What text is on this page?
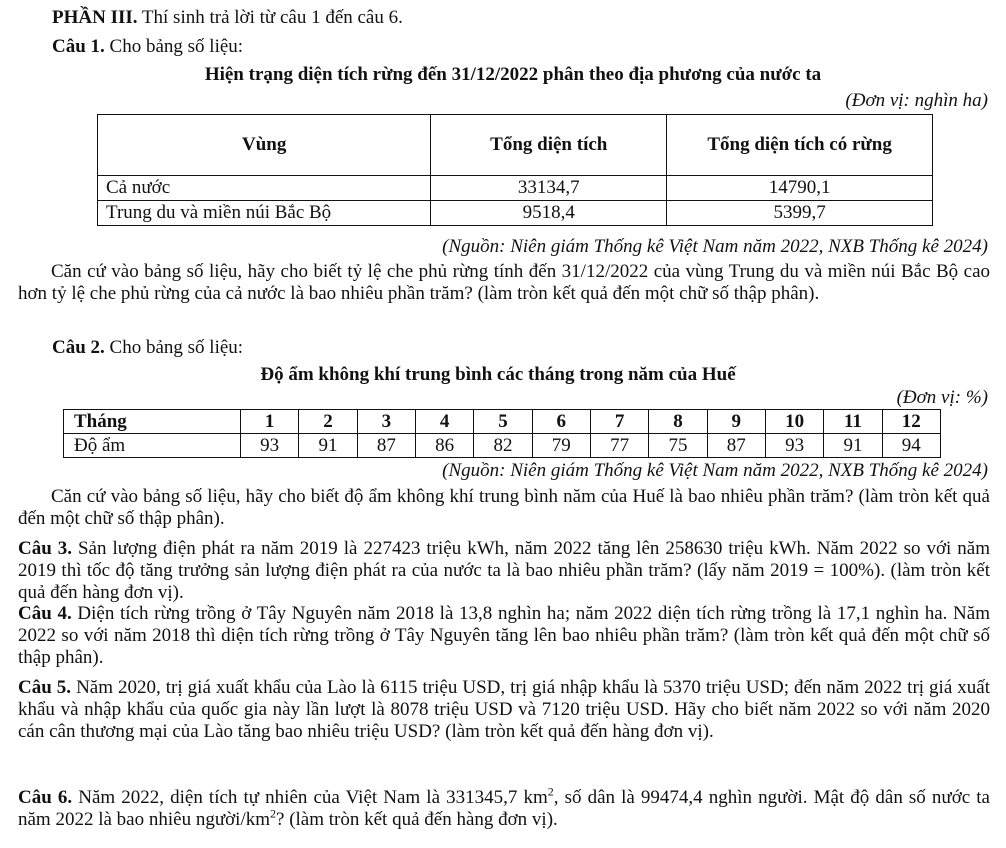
PHẦN III. Thí sinh trả lời từ câu 1 đến câu 6.
Câu 1. Cho bảng số liệu:
Hiện trạng diện tích rừng đến 31/12/2022 phân theo địa phương của nước ta
(Đơn vị: nghìn ha)
Vùng	Tổng diện tích	Tổng diện tích có rừng
Cả nước	33134,7	14790,1
Trung du và miền núi Bắc Bộ	9518,4	5399,7
(Nguồn: Niên giám Thống kê Việt Nam năm 2022, NXB Thống kê 2024)
Căn cứ vào bảng số liệu, hãy cho biết tỷ lệ che phủ rừng tính đến 31/12/2022 của vùng Trung du và miền núi Bắc Bộ cao hơn tỷ lệ che phủ rừng của cả nước là bao nhiêu phần trăm? (làm tròn kết quả đến một chữ số thập phân).
Câu 2. Cho bảng số liệu:
Độ ẩm không khí trung bình các tháng trong năm của Huế
(Đơn vị: %)
Tháng	1	2	3	4	5	6	7	8	9	10	11	12
Độ ẩm	93	91	87	86	82	79	77	75	87	93	91	94
(Nguồn: Niên giám Thống kê Việt Nam năm 2022, NXB Thống kê 2024)
Căn cứ vào bảng số liệu, hãy cho biết độ ẩm không khí trung bình năm của Huế là bao nhiêu phần trăm? (làm tròn kết quả đến một chữ số thập phân).
Câu 3. Sản lượng điện phát ra năm 2019 là 227423 triệu kWh, năm 2022 tăng lên 258630 triệu kWh. Năm 2022 so với năm 2019 thì tốc độ tăng trưởng sản lượng điện phát ra của nước ta là bao nhiêu phần trăm? (lấy năm 2019 = 100%). (làm tròn kết quả đến hàng đơn vị).
Câu 4. Diện tích rừng trồng ở Tây Nguyên năm 2018 là 13,8 nghìn ha; năm 2022 diện tích rừng trồng là 17,1 nghìn ha. Năm 2022 so với năm 2018 thì diện tích rừng trồng ở Tây Nguyên tăng lên bao nhiêu phần trăm? (làm tròn kết quả đến một chữ số thập phân).
Câu 5. Năm 2020, trị giá xuất khẩu của Lào là 6115 triệu USD, trị giá nhập khẩu là 5370 triệu USD; đến năm 2022 trị giá xuất khẩu và nhập khẩu của quốc gia này lần lượt là 8078 triệu USD và 7120 triệu USD. Hãy cho biết năm 2022 so với năm 2020 cán cân thương mại của Lào tăng bao nhiêu triệu USD? (làm tròn kết quả đến hàng đơn vị).
Câu 6. Năm 2022, diện tích tự nhiên của Việt Nam là 331345,7 $km^2$, số dân là 99474,4 nghìn người. Mật độ dân số nước ta năm 2022 là bao nhiêu người/$km^2$? (làm tròn kết quả đến hàng đơn vị).
